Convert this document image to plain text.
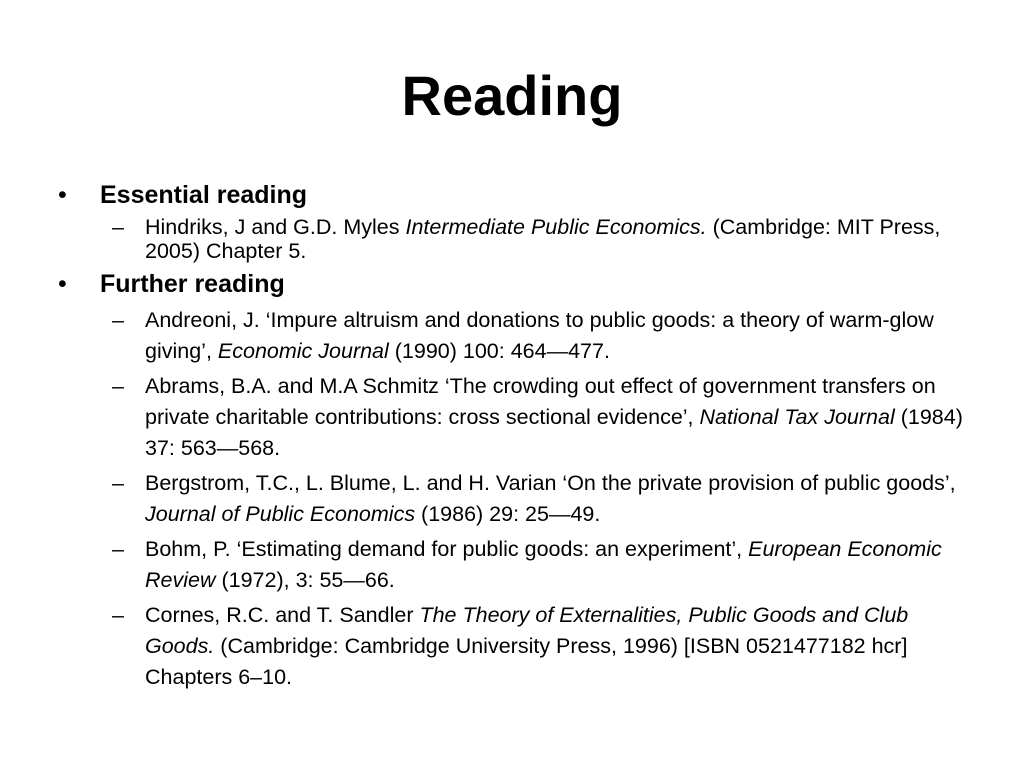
Reading
• Essential reading
– Hindriks, J and G.D. Myles Intermediate Public Economics. (Cambridge: MIT Press, 2005) Chapter 5.
• Further reading
– Andreoni, J. ‘Impure altruism and donations to public goods: a theory of warm-glow giving’, Economic Journal (1990) 100: 464—477.
– Abrams, B.A. and M.A Schmitz ‘The crowding out effect of government transfers on private charitable contributions: cross sectional evidence’, National Tax Journal (1984) 37: 563—568.
– Bergstrom, T.C., L. Blume, L. and H. Varian ‘On the private provision of public goods’, Journal of Public Economics (1986) 29: 25—49.
– Bohm, P. ‘Estimating demand for public goods: an experiment’, European Economic Review (1972), 3: 55—66.
– Cornes, R.C. and T. Sandler The Theory of Externalities, Public Goods and Club Goods. (Cambridge: Cambridge University Press, 1996) [ISBN 0521477182 hcr] Chapters 6–10.
